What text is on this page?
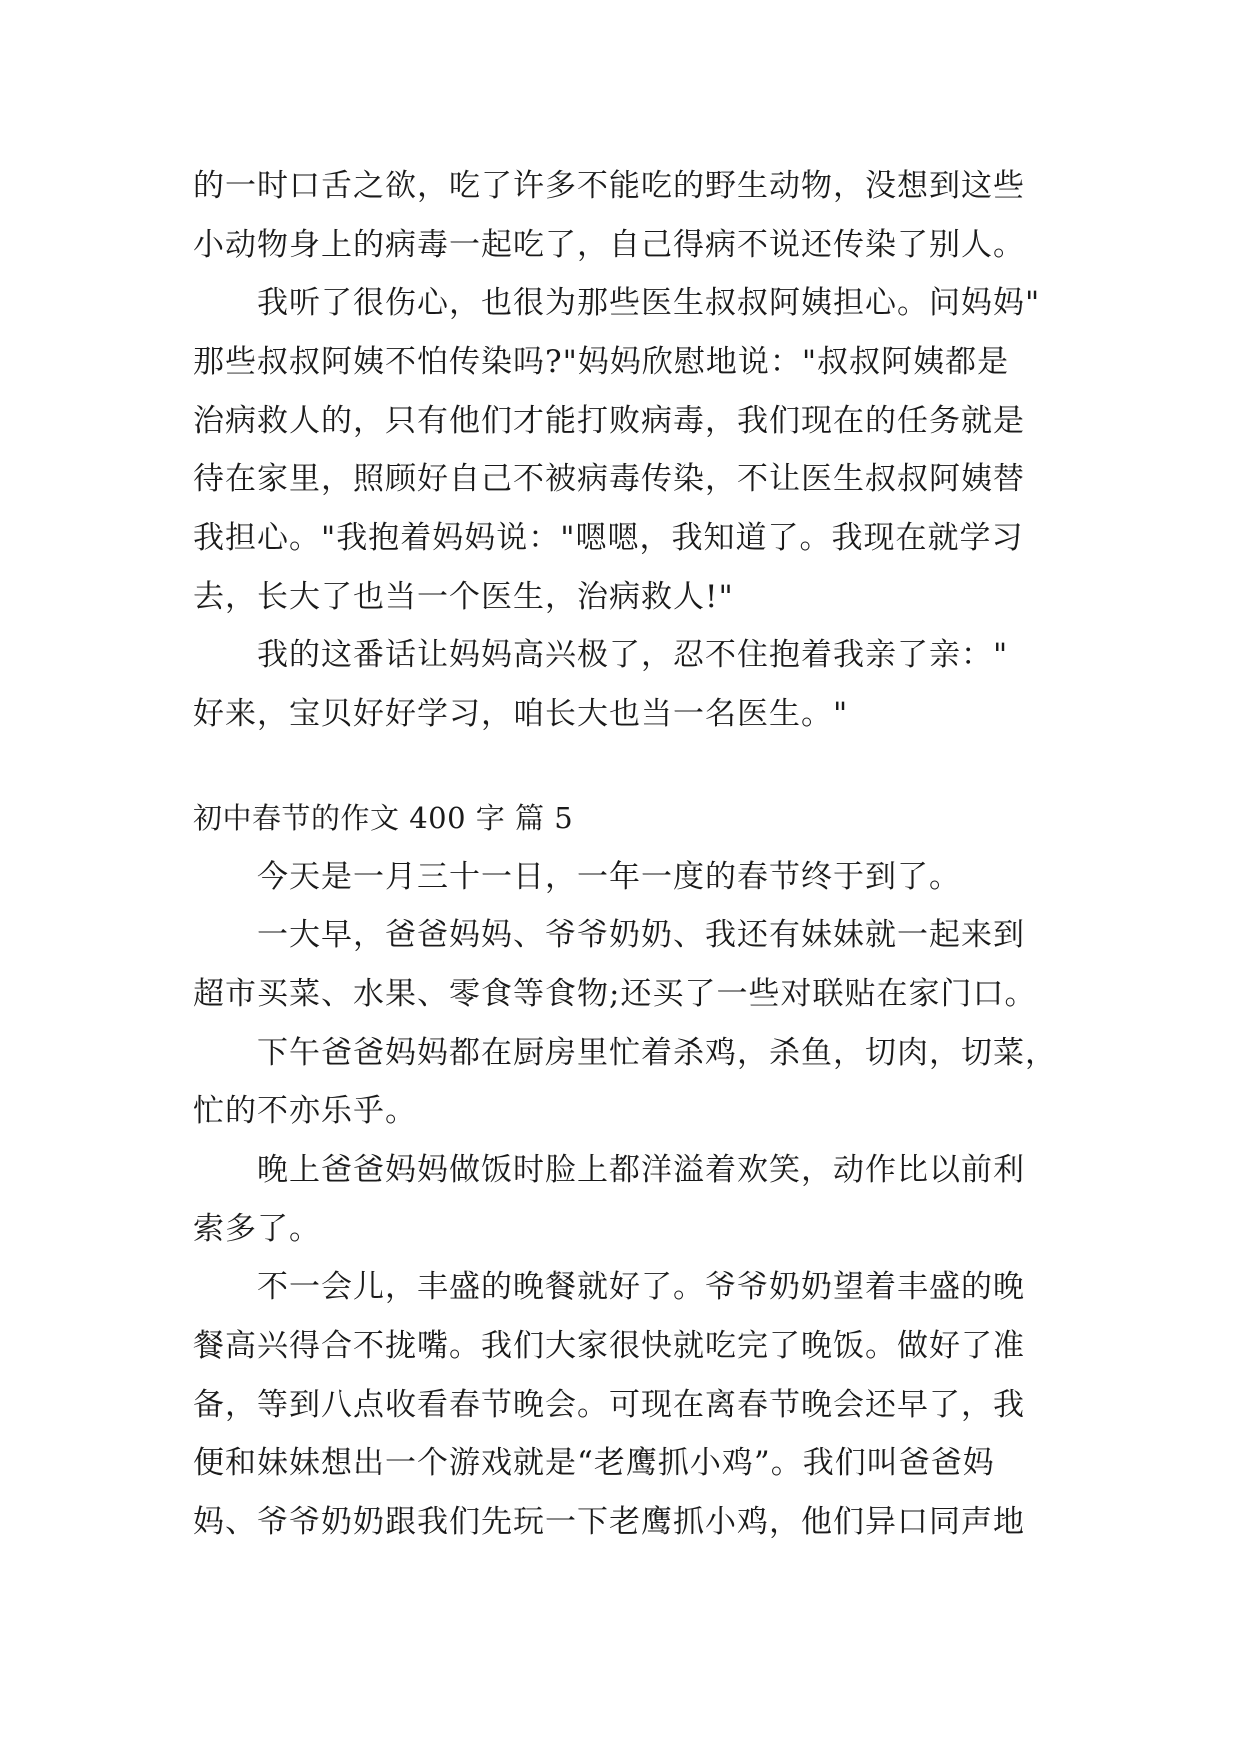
的一时口舌之欲，吃了许多不能吃的野生动物，没想到这些
小动物身上的病毒一起吃了，自己得病不说还传染了别人。
我听了很伤心，也很为那些医生叔叔阿姨担心。问妈妈"
那些叔叔阿姨不怕传染吗?"妈妈欣慰地说："叔叔阿姨都是
治病救人的，只有他们才能打败病毒，我们现在的任务就是
待在家里，照顾好自己不被病毒传染，不让医生叔叔阿姨替
我担心。"我抱着妈妈说："嗯嗯，我知道了。我现在就学习
去，长大了也当一个医生，治病救人!"
我的这番话让妈妈高兴极了，忍不住抱着我亲了亲："
好来，宝贝好好学习，咱长大也当一名医生。"
初中春节的作文 400 字 篇 5
今天是一月三十一日，一年一度的春节终于到了。
一大早，爸爸妈妈、爷爷奶奶、我还有妹妹就一起来到
超市买菜、水果、零食等食物;还买了一些对联贴在家门口。
下午爸爸妈妈都在厨房里忙着杀鸡，杀鱼，切肉，切菜，
忙的不亦乐乎。
晚上爸爸妈妈做饭时脸上都洋溢着欢笑，动作比以前利
索多了。
不一会儿，丰盛的晚餐就好了。爷爷奶奶望着丰盛的晚
餐高兴得合不拢嘴。我们大家很快就吃完了晚饭。做好了准
备，等到八点收看春节晚会。可现在离春节晚会还早了，我
便和妹妹想出一个游戏就是“老鹰抓小鸡”。我们叫爸爸妈
妈、爷爷奶奶跟我们先玩一下老鹰抓小鸡，他们异口同声地
